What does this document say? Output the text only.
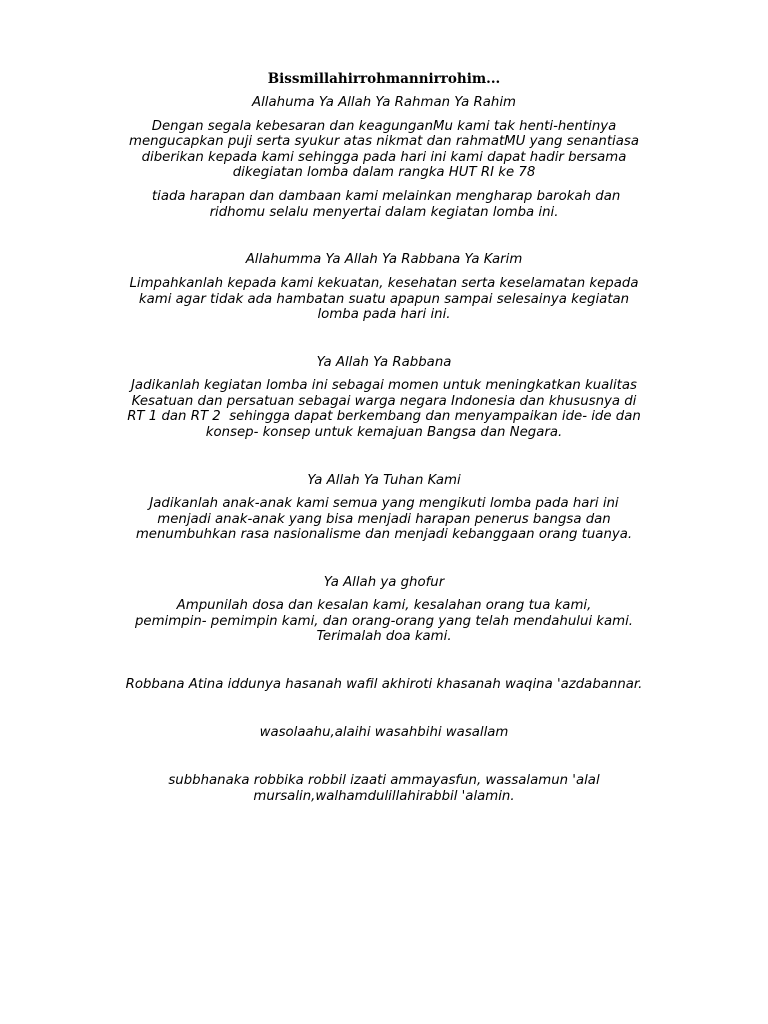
Bissmillahirrohmannirrohim...

Allahuma Ya Allah Ya Rahman Ya Rahim

Dengan segala kebesaran dan keagunganMu kami tak henti-hentinya

mengucapkan puji serta syukur atas nikmat dan rahmatMU yang senantiasa

diberikan kepada kami sehingga pada hari ini kami dapat hadir bersama

dikegiatan lomba dalam rangka HUT RI ke 78

tiada harapan dan dambaan kami melainkan mengharap barokah dan

ridhomu selalu menyertai dalam kegiatan lomba ini.

Allahumma Ya Allah Ya Rabbana Ya Karim

Limpahkanlah kepada kami kekuatan, kesehatan serta keselamatan kepada

kami agar tidak ada hambatan suatu apapun sampai selesainya kegiatan

lomba pada hari ini.

Ya Allah Ya Rabbana

Jadikanlah kegiatan lomba ini sebagai momen untuk meningkatkan kualitas

Kesatuan dan persatuan sebagai warga negara Indonesia dan khususnya di

RT 1 dan RT 2  sehingga dapat berkembang dan menyampaikan ide- ide dan

konsep- konsep untuk kemajuan Bangsa dan Negara.

Ya Allah Ya Tuhan Kami

Jadikanlah anak-anak kami semua yang mengikuti lomba pada hari ini

menjadi anak-anak yang bisa menjadi harapan penerus bangsa dan

menumbuhkan rasa nasionalisme dan menjadi kebanggaan orang tuanya.

Ya Allah ya ghofur

Ampunilah dosa dan kesalan kami, kesalahan orang tua kami,

pemimpin- pemimpin kami, dan orang-orang yang telah mendahului kami.

Terimalah doa kami.

Robbana Atina iddunya hasanah wafil akhiroti khasanah waqina 'azdabannar.

wasolaahu,alaihi wasahbihi wasallam

subbhanaka robbika robbil izaati ammayasfun, wassalamun 'alal

mursalin,walhamdulillahirabbil 'alamin.
